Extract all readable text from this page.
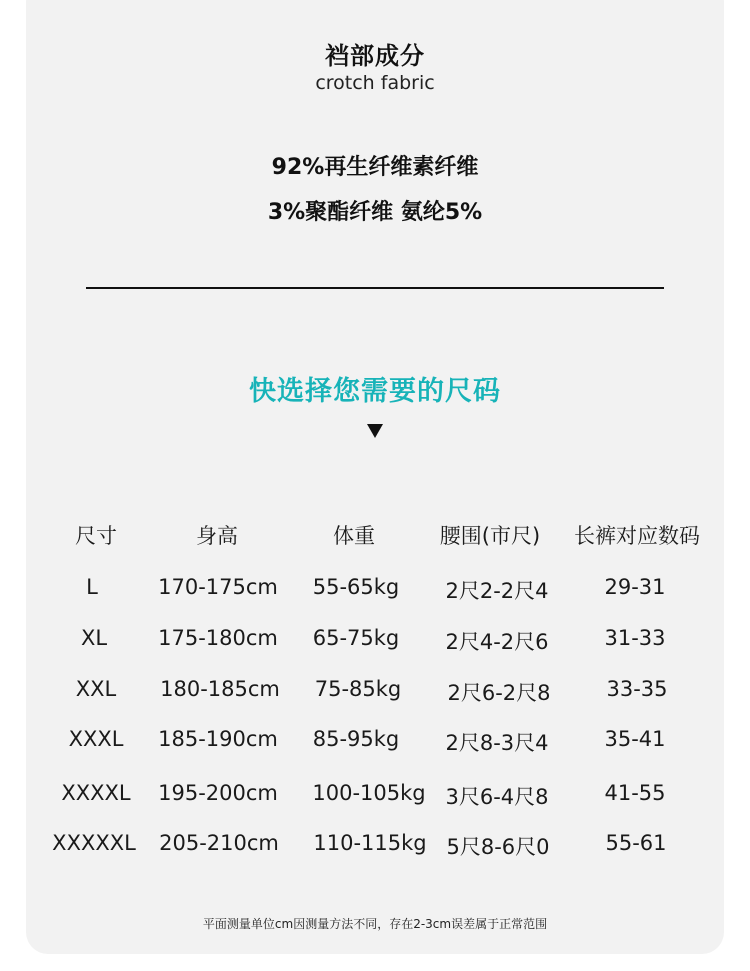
裆部成分
crotch fabric
92%再生纤维素纤维
3%聚酯纤维 氨纶5%
快选择您需要的尺码
尺寸	身高	体重	腰围(市尺) 长裤对应数码
L	170-175cm 55-65kg 2尺2-2尺4	29-31
XL 175-180cm 65-75kg 2尺4-2尺6	31-33
XXL 180-185cm 75-85kg 2尺6-2尺8	33-35
XXXL 185-190cm 85-95kg 2尺8-3尺4	35-41
XXXXL 195-200cm 100-105kg 3尺6-4尺8	41-55
XXXXXL 205-210cm 110-115kg 5尺8-6尺0	55-61
平面测量单位cm因测量方法不同，存在2-3cm误差属于正常范围
